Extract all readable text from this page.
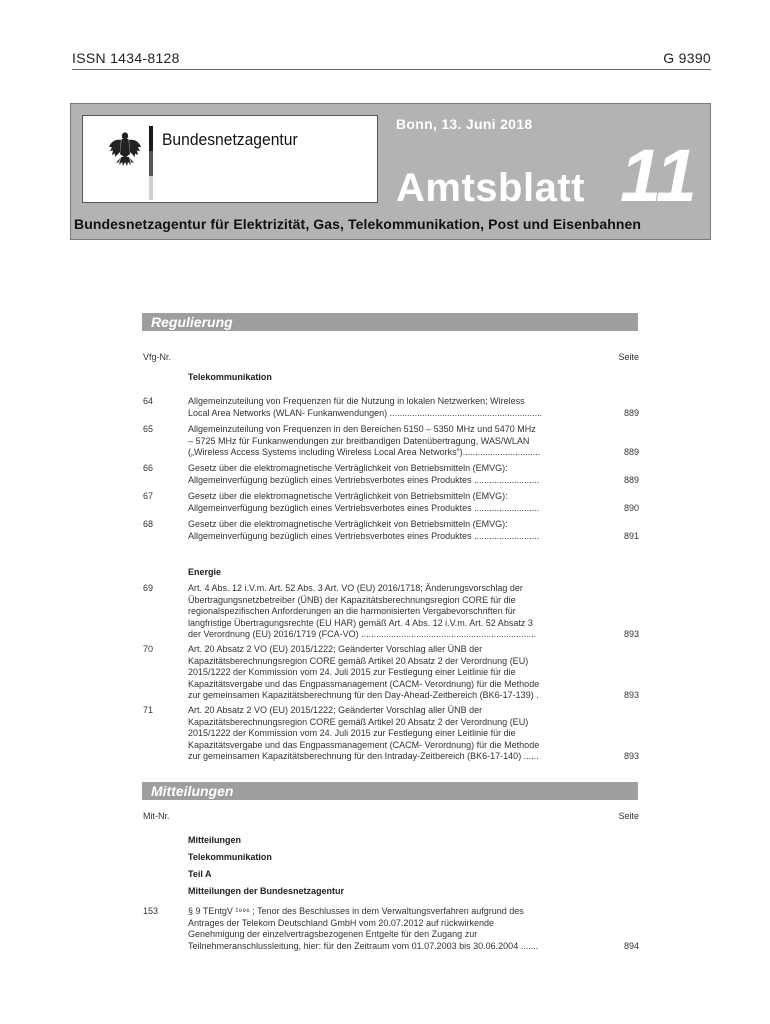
ISSN 1434-8128	G 9390
Bundesnetzagentur
Bonn, 13. Juni 2018
Amtsblatt 11
Bundesnetzagentur für Elektrizität, Gas, Telekommunikation, Post und Eisenbahnen
Regulierung
Vfg-Nr.	Seite
Telekommunikation
64	Allgemeinzuteilung von Frequenzen für die Nutzung in lokalen Netzwerken; Wireless
Local Area Networks (WLAN- Funkanwendungen) .............................................................	889
65	Allgemeinzuteilung von Frequenzen in den Bereichen 5150 – 5350 MHz und 5470 MHz
– 5725 MHz für Funkanwendungen zur breitbandigen Datenübertragung, WAS/WLAN
(„Wireless Access Systems including Wireless Local Area Networks“)...............................	889
66	Gesetz über die elektromagnetische Verträglichkeit von Betriebsmitteln (EMVG):
Allgemeinverfügung bezüglich eines Vertriebsverbotes eines Produktes ..........................	889
67	Gesetz über die elektromagnetische Verträglichkeit von Betriebsmitteln (EMVG):
Allgemeinverfügung bezüglich eines Vertriebsverbotes eines Produktes ..........................	890
68	Gesetz über die elektromagnetische Verträglichkeit von Betriebsmitteln (EMVG):
Allgemeinverfügung bezüglich eines Vertriebsverbotes eines Produktes ..........................	891
Energie
69	Art. 4 Abs. 12 i.V.m. Art. 52 Abs. 3 Art. VO (EU) 2016/1718; Änderungsvorschlag der
Übertragungsnetzbetreiber (ÜNB) der Kapazitätsberechnungsregion CORE für die
regionalspezifischen Anforderungen an die harmonisierten Vergabevorschriften für
langfristige Übertragungsrechte (EU HAR) gemäß Art. 4 Abs. 12 i.V.m. Art. 52 Absatz 3
der Verordnung (EU) 2016/1719 (FCA-VO) ......................................................................	893
70	Art. 20 Absatz 2 VO (EU) 2015/1222; Geänderter Vorschlag aller ÜNB der
Kapazitätsberechnungsregion CORE gemäß Artikel 20 Absatz 2 der Verordnung (EU)
2015/1222 der Kommission vom 24. Juli 2015 zur Festlegung einer Leitlinie für die
Kapazitätsvergabe und das Engpassmanagement (CACM- Verordnung) für die Methode
zur gemeinsamen Kapazitätsberechnung für den Day-Ahead-Zeitbereich (BK6-17-139) .	893
71	Art. 20 Absatz 2 VO (EU) 2015/1222; Geänderter Vorschlag aller ÜNB der
Kapazitätsberechnungsregion CORE gemäß Artikel 20 Absatz 2 der Verordnung (EU)
2015/1222 der Kommission vom 24. Juli 2015 zur Festlegung einer Leitlinie für die
Kapazitätsvergabe und das Engpassmanagement (CACM- Verordnung) für die Methode
zur gemeinsamen Kapazitätsberechnung für den Intraday-Zeitbereich (BK6-17-140) ......	893
Mitteilungen
Mit-Nr.	Seite
Mitteilungen
Telekommunikation
Teil A
Mitteilungen der Bundesnetzagentur
153	§ 9 TEntgV ¹⁹⁹⁶ ; Tenor des Beschlusses in dem Verwaltungsverfahren aufgrund des
Antrages der Telekom Deutschland GmbH vom 20.07.2012 auf rückwirkende
Genehmigung der einzelvertragsbezogenen Entgelte für den Zugang zur
Teilnehmeranschlussleitung, hier: für den Zeitraum vom 01.07.2003 bis 30.06.2004 .......	894
